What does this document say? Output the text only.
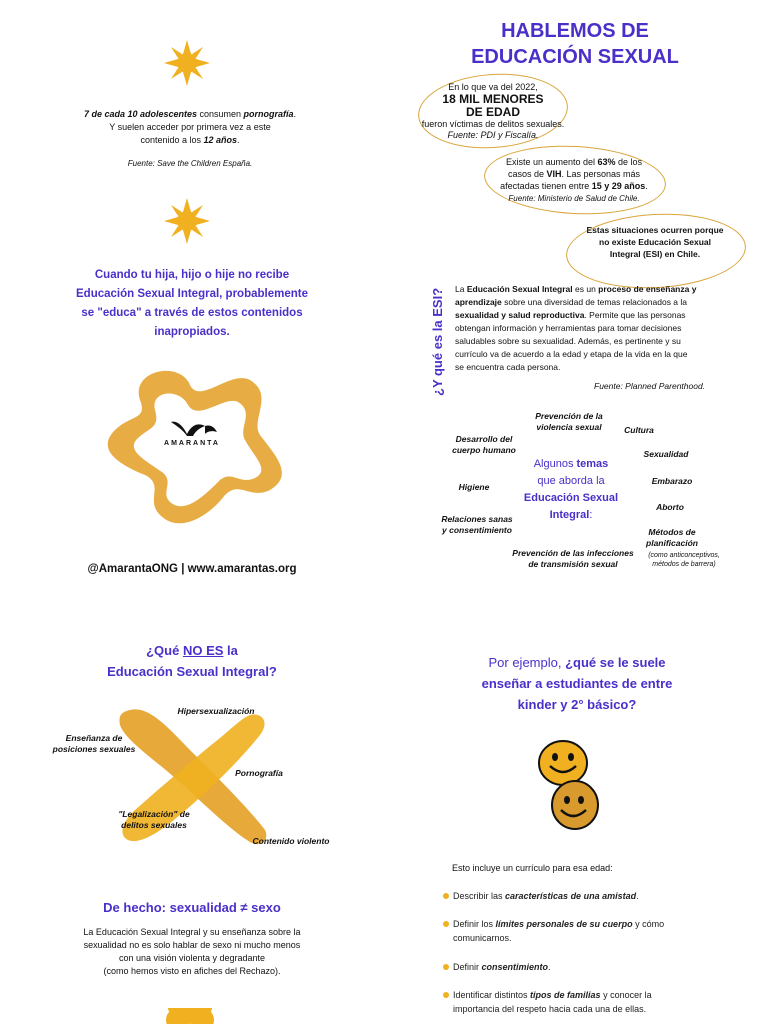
7 de cada 10 adolescentes consumen pornografía.
Y suelen acceder por primera vez a este
contenido a los 12 años.
Fuente: Save the Children España.
Cuando tu hija, hijo o hije no recibe
Educación Sexual Integral, probablemente
se "educa" a través de estos contenidos
inapropiados.
AMARANTA
@AmarantaONG | www.amarantas.org
¿Qué NO ES la
Educación Sexual Integral?
Hipersexualización
Enseñanza de
posiciones sexuales
Pornografía
"Legalización" de
delitos sexuales
Contenido violento
De hecho: sexualidad ≠ sexo
La Educación Sexual Integral y su enseñanza sobre la
sexualidad no es solo hablar de sexo ni mucho menos
con una visión violenta y degradante
(como hemos visto en afiches del Rechazo).
HABLEMOS DE
EDUCACIÓN SEXUAL
En lo que va del 2022,
18 MIL MENORES
DE EDAD
fueron víctimas de delitos sexuales.
Fuente: PDI y Fiscalía.
Existe un aumento del 63% de los
casos de VIH. Las personas más
afectadas tienen entre 15 y 29 años.
Fuente: Ministerio de Salud de Chile.
Estas situaciones ocurren porque
no existe Educación Sexual
Integral (ESI) en Chile.
¿Y qué es la ESI? La Educación Sexual Integral es un proceso de enseñanza y
aprendizaje sobre una diversidad de temas relacionados a la
sexualidad y salud reproductiva. Permite que las personas
obtengan información y herramientas para tomar decisiones
saludables sobre su sexualidad. Además, es pertinente y su
currículo va de acuerdo a la edad y etapa de la vida en la que
se encuentra cada persona.
Fuente: Planned Parenthood.
Algunos temas
que aborda la
Educación Sexual
Integral:
Prevención de la
violencia sexual	Cultura
Desarrollo del
cuerpo humano	Sexualidad
Higiene
Embarazo
Aborto
Relaciones sanas
y consentimiento	Métodos de
planificación
(como anticonceptivos,
métodos de barrera)
Prevención de las infecciones
de transmisión sexual
Por ejemplo, ¿qué se le suele
enseñar a estudiantes de entre
kinder y 2° básico?
Esto incluye un currículo para esa edad:
Describir las características de una amistad.
Definir los límites personales de su cuerpo y cómo
comunicarnos.
Definir consentimiento.
Identificar distintos tipos de familias y conocer la
importancia del respeto hacia cada una de ellas.
